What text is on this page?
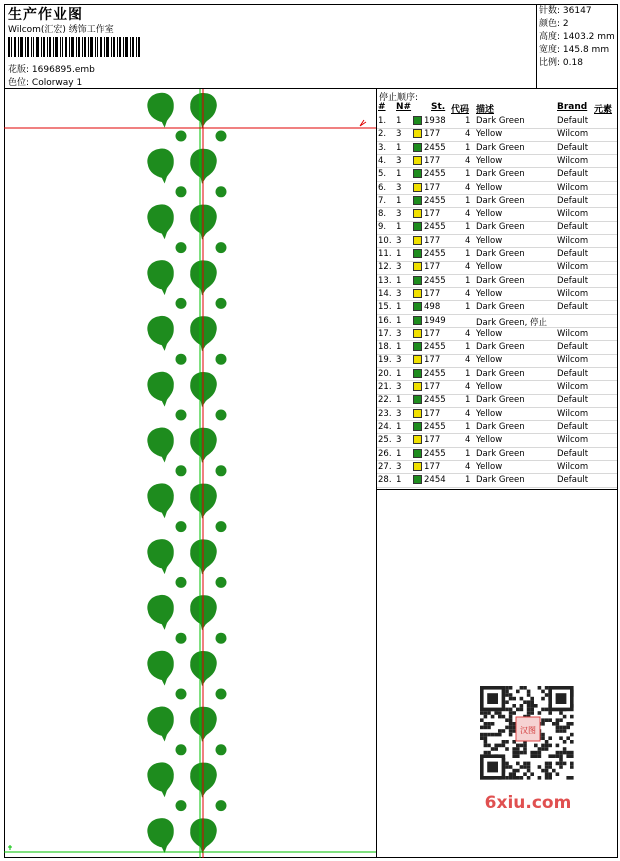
生产作业图
Wilcom(汇宏) 绣饰工作室
花版: 1696895.emb
色位: Colorway 1
针数: 36147
颜色: 2
高度: 1403.2 mm
宽度: 145.8 mm
比例: 0.18
停止顺序:
# N# St. 代码 描述	Brand 元素
1. 1	1938 1 Dark Green	Default
2. 3	177	4 Yellow	Wilcom
3. 1	2455 1 Dark Green	Default
4. 3	177	4 Yellow	Wilcom
5. 1	2455 1 Dark Green	Default
6. 3	177	4 Yellow	Wilcom
7. 1	2455 1 Dark Green	Default
8. 3	177	4 Yellow	Wilcom
9. 1	2455 1 Dark Green	Default
10. 3	177	4 Yellow	Wilcom
11. 1	2455 1 Dark Green	Default
12. 3	177	4 Yellow	Wilcom
13. 1	2455 1 Dark Green	Default
14. 3	177	4 Yellow	Wilcom
15. 1	498	1 Dark Green	Default
16. 1	1949	Dark Green, 停止
17. 3	177	4 Yellow	Wilcom
18. 1	2455 1 Dark Green	Default
19. 3	177	4 Yellow	Wilcom
20. 1	2455 1 Dark Green	Default
21. 3	177	4 Yellow	Wilcom
22. 1	2455 1 Dark Green	Default
23. 3	177	4 Yellow	Wilcom
24. 1	2455 1 Dark Green	Default
25. 3	177	4 Yellow	Wilcom
26. 1	2455 1 Dark Green	Default
27. 3	177	4 Yellow	Wilcom
28. 1	2454 1 Dark Green	Default
汉图
6xiu.com
